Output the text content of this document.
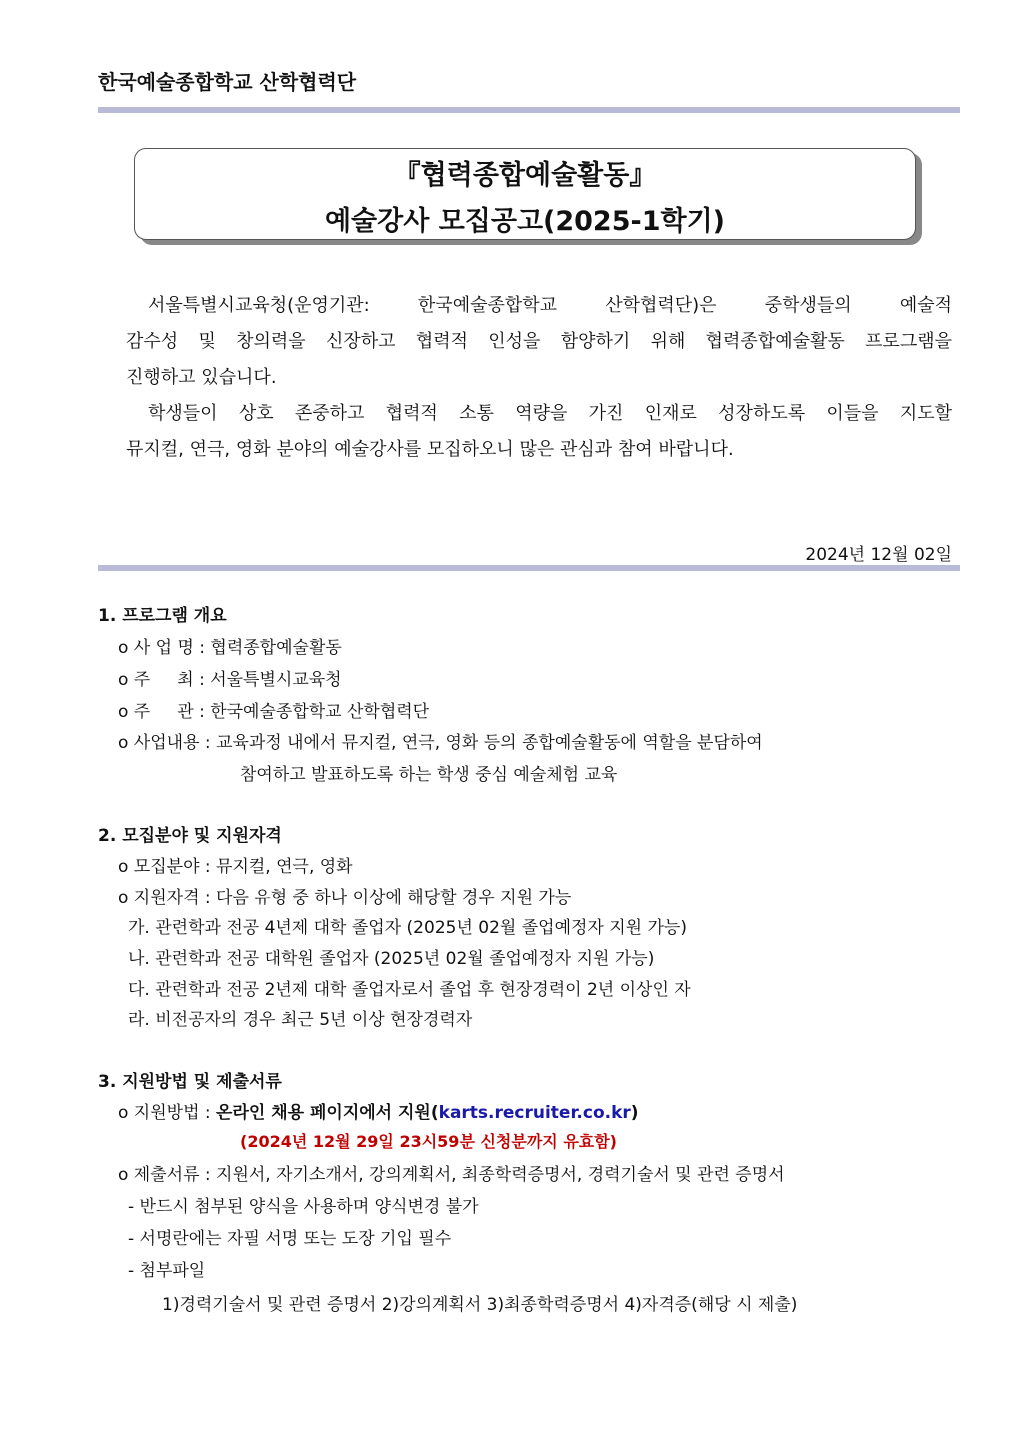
한국예술종합학교 산학협력단
『협력종합예술활동』
예술강사 모집공고(2025-1학기)

서울특별시교육청(운영기관: 한국예술종합학교 산학협력단)은 중학생들의 예술적

감수성 및 창의력을 신장하고 협력적 인성을 함양하기 위해 협력종합예술활동 프로그램을

진행하고 있습니다.

학생들이 상호 존중하고 협력적 소통 역량을 가진 인재로 성장하도록 이들을 지도할

뮤지컬, 연극, 영화 분야의 예술강사를 모집하오니 많은 관심과 참여 바랍니다.

2024년 12월 02일
1. 프로그램 개요
o 사 업 명 : 협력종합예술활동
o 주     최 : 서울특별시교육청
o 주     관 : 한국예술종합학교 산학협력단
o 사업내용 : 교육과정 내에서 뮤지컬, 연극, 영화 등의 종합예술활동에 역할을 분담하여
참여하고 발표하도록 하는 학생 중심 예술체험 교육
2. 모집분야 및 지원자격
o 모집분야 : 뮤지컬, 연극, 영화
o 지원자격 : 다음 유형 중 하나 이상에 해당할 경우 지원 가능
가. 관련학과 전공 4년제 대학 졸업자 (2025년 02월 졸업예정자 지원 가능)
나. 관련학과 전공 대학원 졸업자 (2025년 02월 졸업예정자 지원 가능)
다. 관련학과 전공 2년제 대학 졸업자로서 졸업 후 현장경력이 2년 이상인 자
라. 비전공자의 경우 최근 5년 이상 현장경력자
3. 지원방법 및 제출서류
o 지원방법 : 온라인 채용 페이지에서 지원(karts.recruiter.co.kr)
(2024년 12월 29일 23시59분 신청분까지 유효함)
o 제출서류 : 지원서, 자기소개서, 강의계획서, 최종학력증명서, 경력기술서 및 관련 증명서
- 반드시 첨부된 양식을 사용하며 양식변경 불가
- 서명란에는 자필 서명 또는 도장 기입 필수
- 첨부파일
1)경력기술서 및 관련 증명서 2)강의계획서 3)최종학력증명서 4)자격증(해당 시 제출)
